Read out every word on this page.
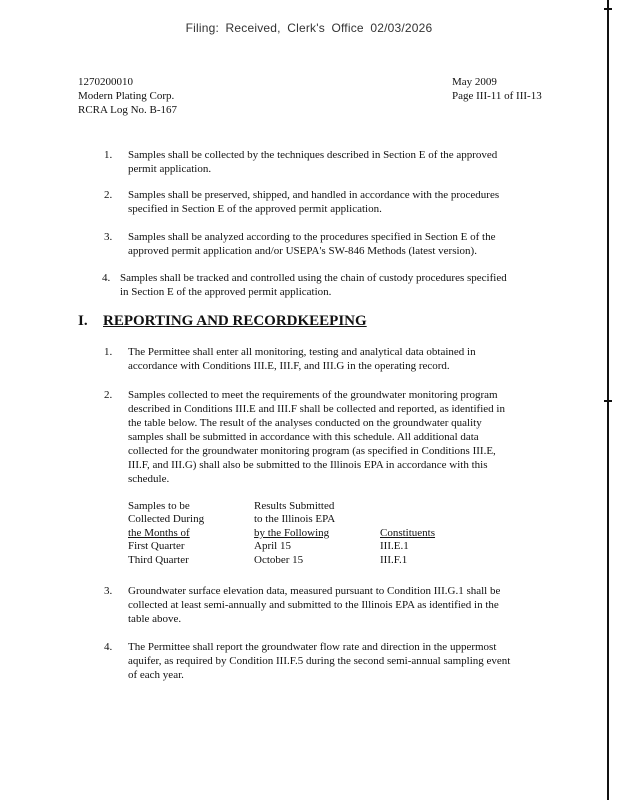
Filing: Received, Clerk's Office 02/03/2026
1270200010
Modern Plating Corp.
RCRA Log No. B-167
May 2009
Page III-11 of III-13
1. Samples shall be collected by the techniques described in Section E of the approved
permit application.
2. Samples shall be preserved, shipped, and handled in accordance with the procedures
specified in Section E of the approved permit application.
3. Samples shall be analyzed according to the procedures specified in Section E of the
approved permit application and/or USEPA's SW-846 Methods (latest version).
4. Samples shall be tracked and controlled using the chain of custody procedures specified
in Section E of the approved permit application.
I. REPORTING AND RECORDKEEPING
1. The Permittee shall enter all monitoring, testing and analytical data obtained in
accordance with Conditions III.E, III.F, and III.G in the operating record.
2. Samples collected to meet the requirements of the groundwater monitoring program
described in Conditions III.E and III.F shall be collected and reported, as identified in
the table below. The result of the analyses conducted on the groundwater quality
samples shall be submitted in accordance with this schedule. All additional data
collected for the groundwater monitoring program (as specified in Conditions III.E,
III.F, and III.G) shall also be submitted to the Illinois EPA in accordance with this
schedule.
Samples to be
Collected During
the Months of
First Quarter
Third Quarter
Results Submitted
to the Illinois EPA
by the Following
April 15
October 15
Constituents
III.E.1
III.F.1
3. Groundwater surface elevation data, measured pursuant to Condition III.G.1 shall be
collected at least semi-annually and submitted to the Illinois EPA as identified in the
table above.
4. The Permittee shall report the groundwater flow rate and direction in the uppermost
aquifer, as required by Condition III.F.5 during the second semi-annual sampling event
of each year.
